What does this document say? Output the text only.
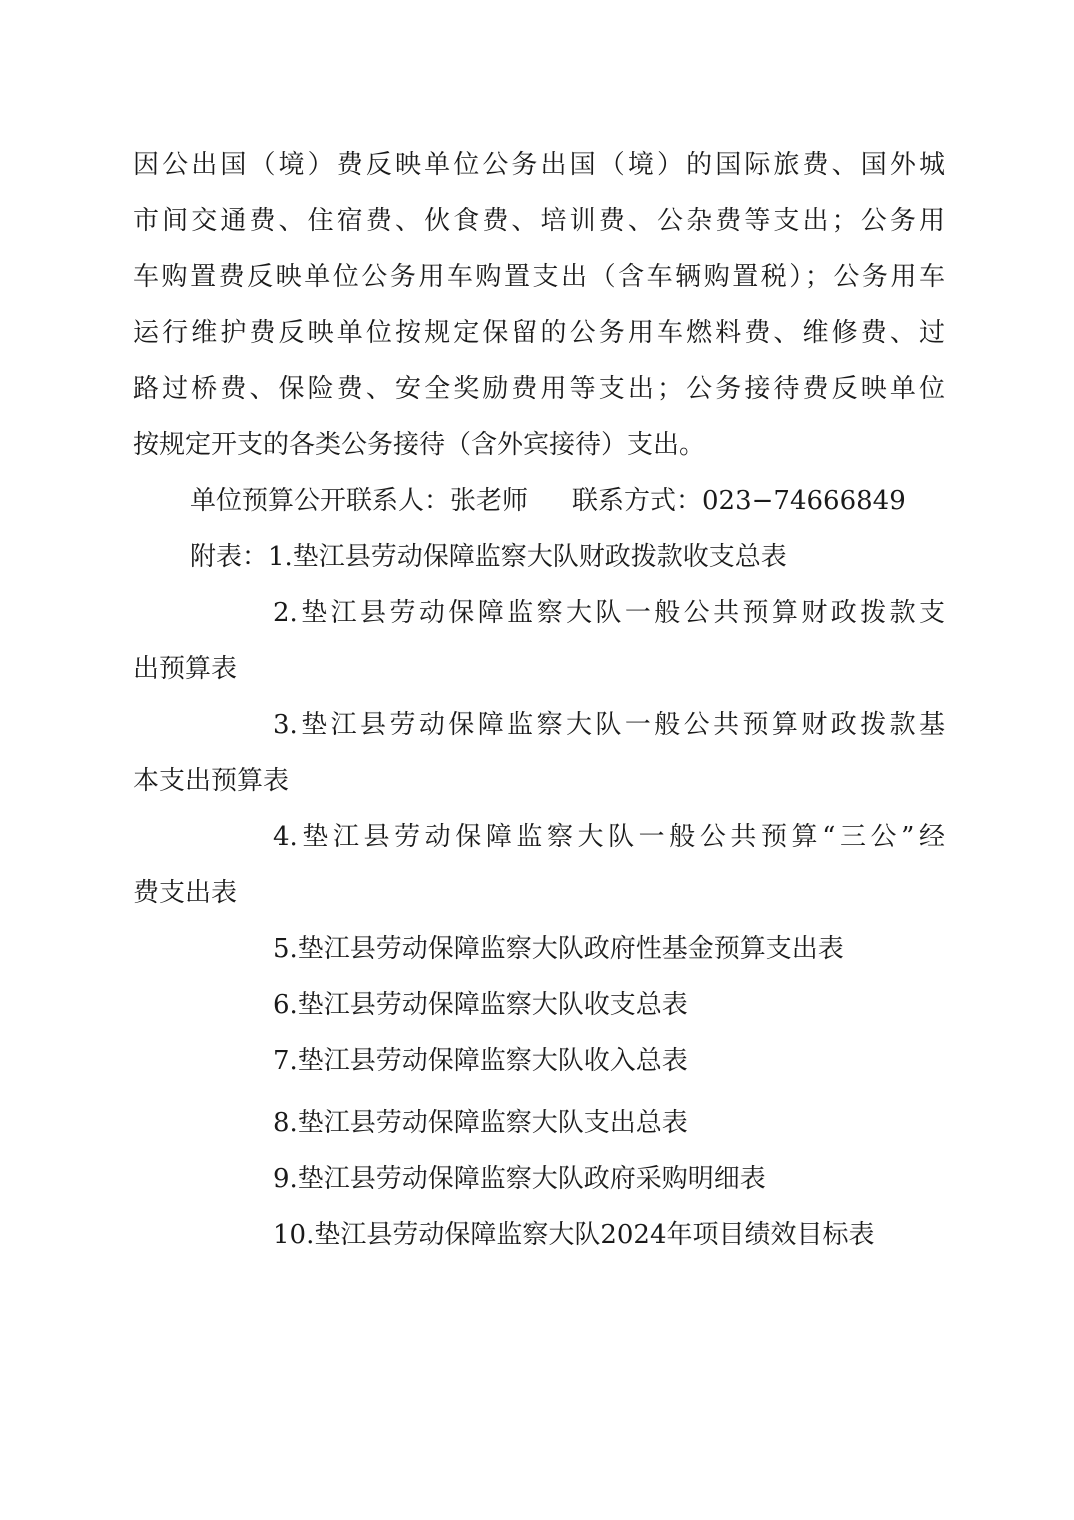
因公出国（境）费反映单位公务出国（境）的国际旅费、国外城
市间交通费、住宿费、伙食费、培训费、公杂费等支出；公务用
车购置费反映单位公务用车购置支出（含车辆购置税）；公务用车
运行维护费反映单位按规定保留的公务用车燃料费、维修费、过
路过桥费、保险费、安全奖励费用等支出；公务接待费反映单位
按规定开支的各类公务接待（含外宾接待）支出。
单位预算公开联系人：张老师 联系方式：023−74666849
附表：1.垫江县劳动保障监察大队财政拨款收支总表
2.垫江县劳动保障监察大队一般公共预算财政拨款支
出预算表
3.垫江县劳动保障监察大队一般公共预算财政拨款基
本支出预算表
4.垫江县劳动保障监察大队一般公共预算“三公”经
费支出表
5.垫江县劳动保障监察大队政府性基金预算支出表
6.垫江县劳动保障监察大队收支总表
7.垫江县劳动保障监察大队收入总表
8.垫江县劳动保障监察大队支出总表
9.垫江县劳动保障监察大队政府采购明细表
10.垫江县劳动保障监察大队2024年项目绩效目标表
